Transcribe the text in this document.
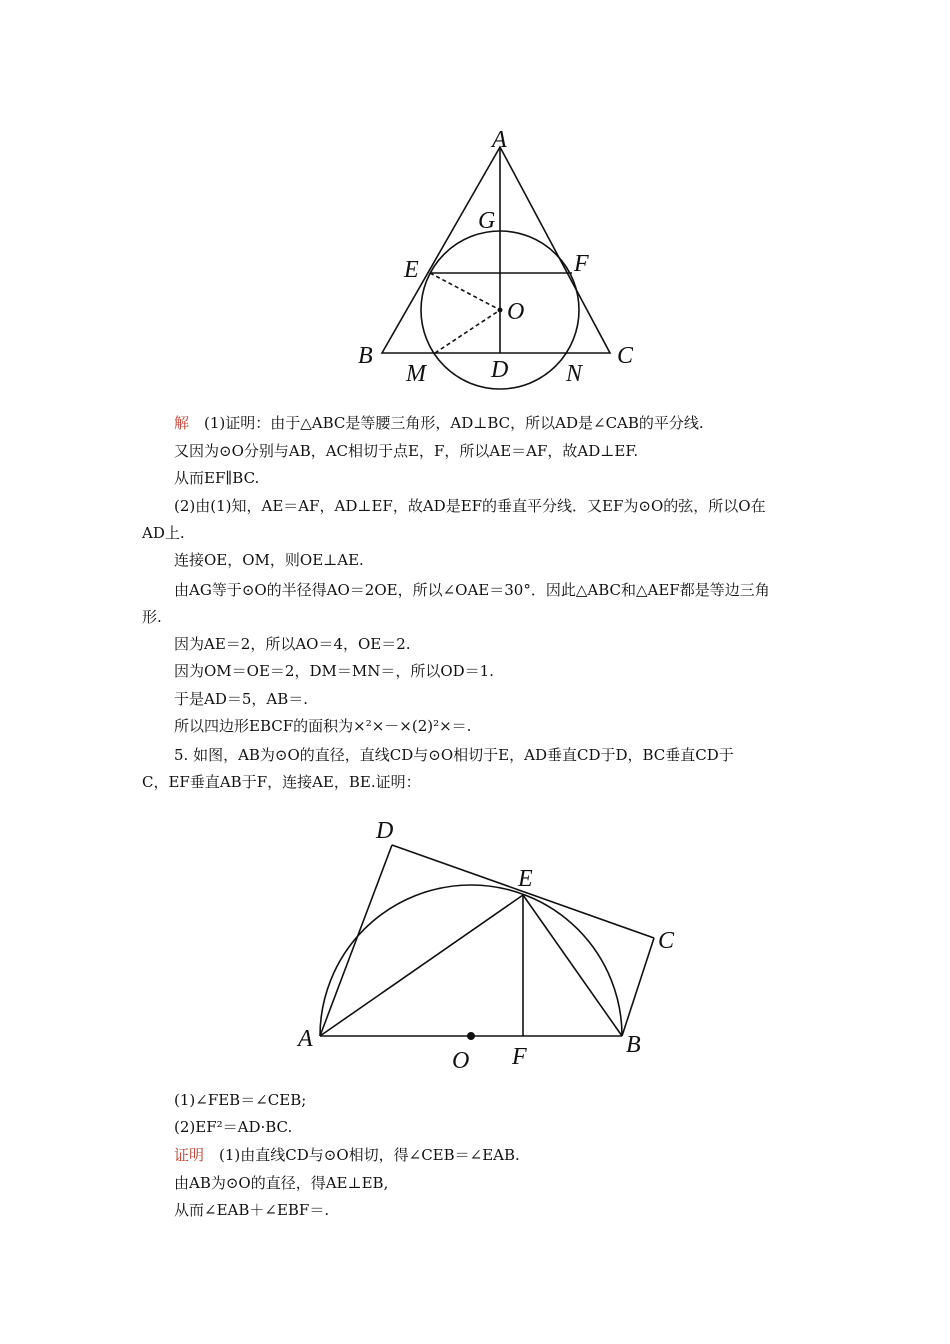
A
G
E	F
O
B
M	D N
C
解　(1)证明：由于△ABC是等腰三角形，AD⊥BC，所以AD是∠CAB的平分线.
又因为⊙O分别与AB，AC相切于点E，F，所以AE＝AF，故AD⊥EF.
从而EF∥BC.
(2)由(1)知，AE＝AF，AD⊥EF，故AD是EF的垂直平分线．又EF为⊙O的弦，所以O在
AD上.
连接OE，OM，则OE⊥AE.
由AG等于⊙O的半径得AO＝2OE，所以∠OAE＝30°．因此△ABC和△AEF都是等边三角
形.
因为AE＝2，所以AO＝4，OE＝2.
因为OM＝OE＝2，DM＝MN＝，所以OD＝1.
于是AD＝5，AB＝.
所以四边形EBCF的面积为×²×－×(2)²×＝.
5. 如图，AB为⊙O的直径，直线CD与⊙O相切于E，AD垂直CD于D，BC垂直CD于
C，EF垂直AB于F，连接AE，BE.证明：
D
E
C
A
O F	B
(1)∠FEB＝∠CEB;
(2)EF²＝AD·BC.
证明　(1)由直线CD与⊙O相切，得∠CEB＝∠EAB.
由AB为⊙O的直径，得AE⊥EB,
从而∠EAB＋∠EBF＝.
